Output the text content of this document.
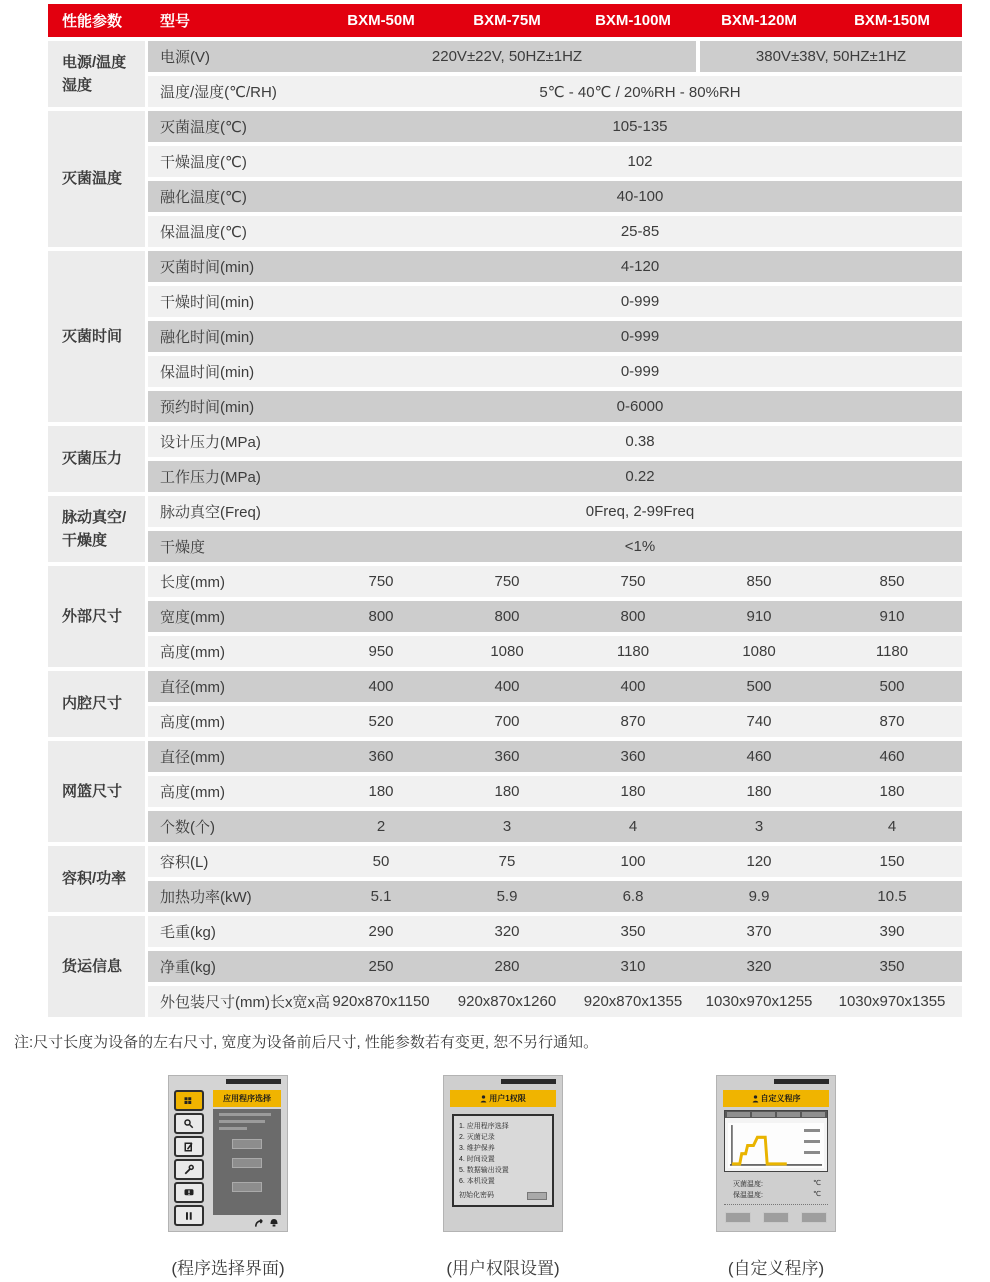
性能参数	型号	BXM-50M	BXM-75M	BXM-100M	BXM-120M	BXM-150M
电源/温度湿度
电源(V)	220V±22V, 50HZ±1HZ	380V±38V, 50HZ±1HZ
温度/湿度(℃/RH)	5℃ - 40℃ / 20%RH - 80%RH
灭菌温度
灭菌温度(℃)	105-135
干燥温度(℃)	102
融化温度(℃)	40-100
保温温度(℃)	25-85
灭菌时间
灭菌时间(min)	4-120
干燥时间(min)	0-999
融化时间(min)	0-999
保温时间(min)	0-999
预约时间(min)	0-6000
灭菌压力
设计压力(MPa)	0.38
工作压力(MPa)	0.22
脉动真空/干燥度
脉动真空(Freq)	0Freq, 2-99Freq
干燥度	<1%
外部尺寸
长度(mm)	750	750	750	850	850
宽度(mm)	800	800	800	910	910
高度(mm)	950	1080	1180	1080	1180
内腔尺寸
直径(mm)	400	400	400	500	500
高度(mm)	520	700	870	740	870
网篮尺寸
直径(mm)	360	360	360	460	460
高度(mm)	180	180	180	180	180
个数(个)	2	3	4	3	4
容积/功率
容积(L)	50	75	100	120	150
加热功率(kW)	5.1	5.9	6.8	9.9	10.5
货运信息
毛重(kg)	290	320	350	370	390
净重(kg)	250	280	310	320	350
外包装尺寸(mm)长x宽x高 920x870x1150	920x870x1260	920x870x1355	1030x970x1255	1030x970x1355

注:尺寸长度为设备的左右尺寸, 宽度为设备前后尺寸, 性能参数若有变更, 恕不另行通知。

应用程序选择
(程序选择界面)
用户1权限
1. 应用程序选择
2. 灭菌记录
3. 维护保养
4. 时间设置
5. 数据输出设置
6. 本机设置
初始化密码
(用户权限设置)
自定义程序
灭菌温度:	℃
保温温度:	℃
(自定义程序)
